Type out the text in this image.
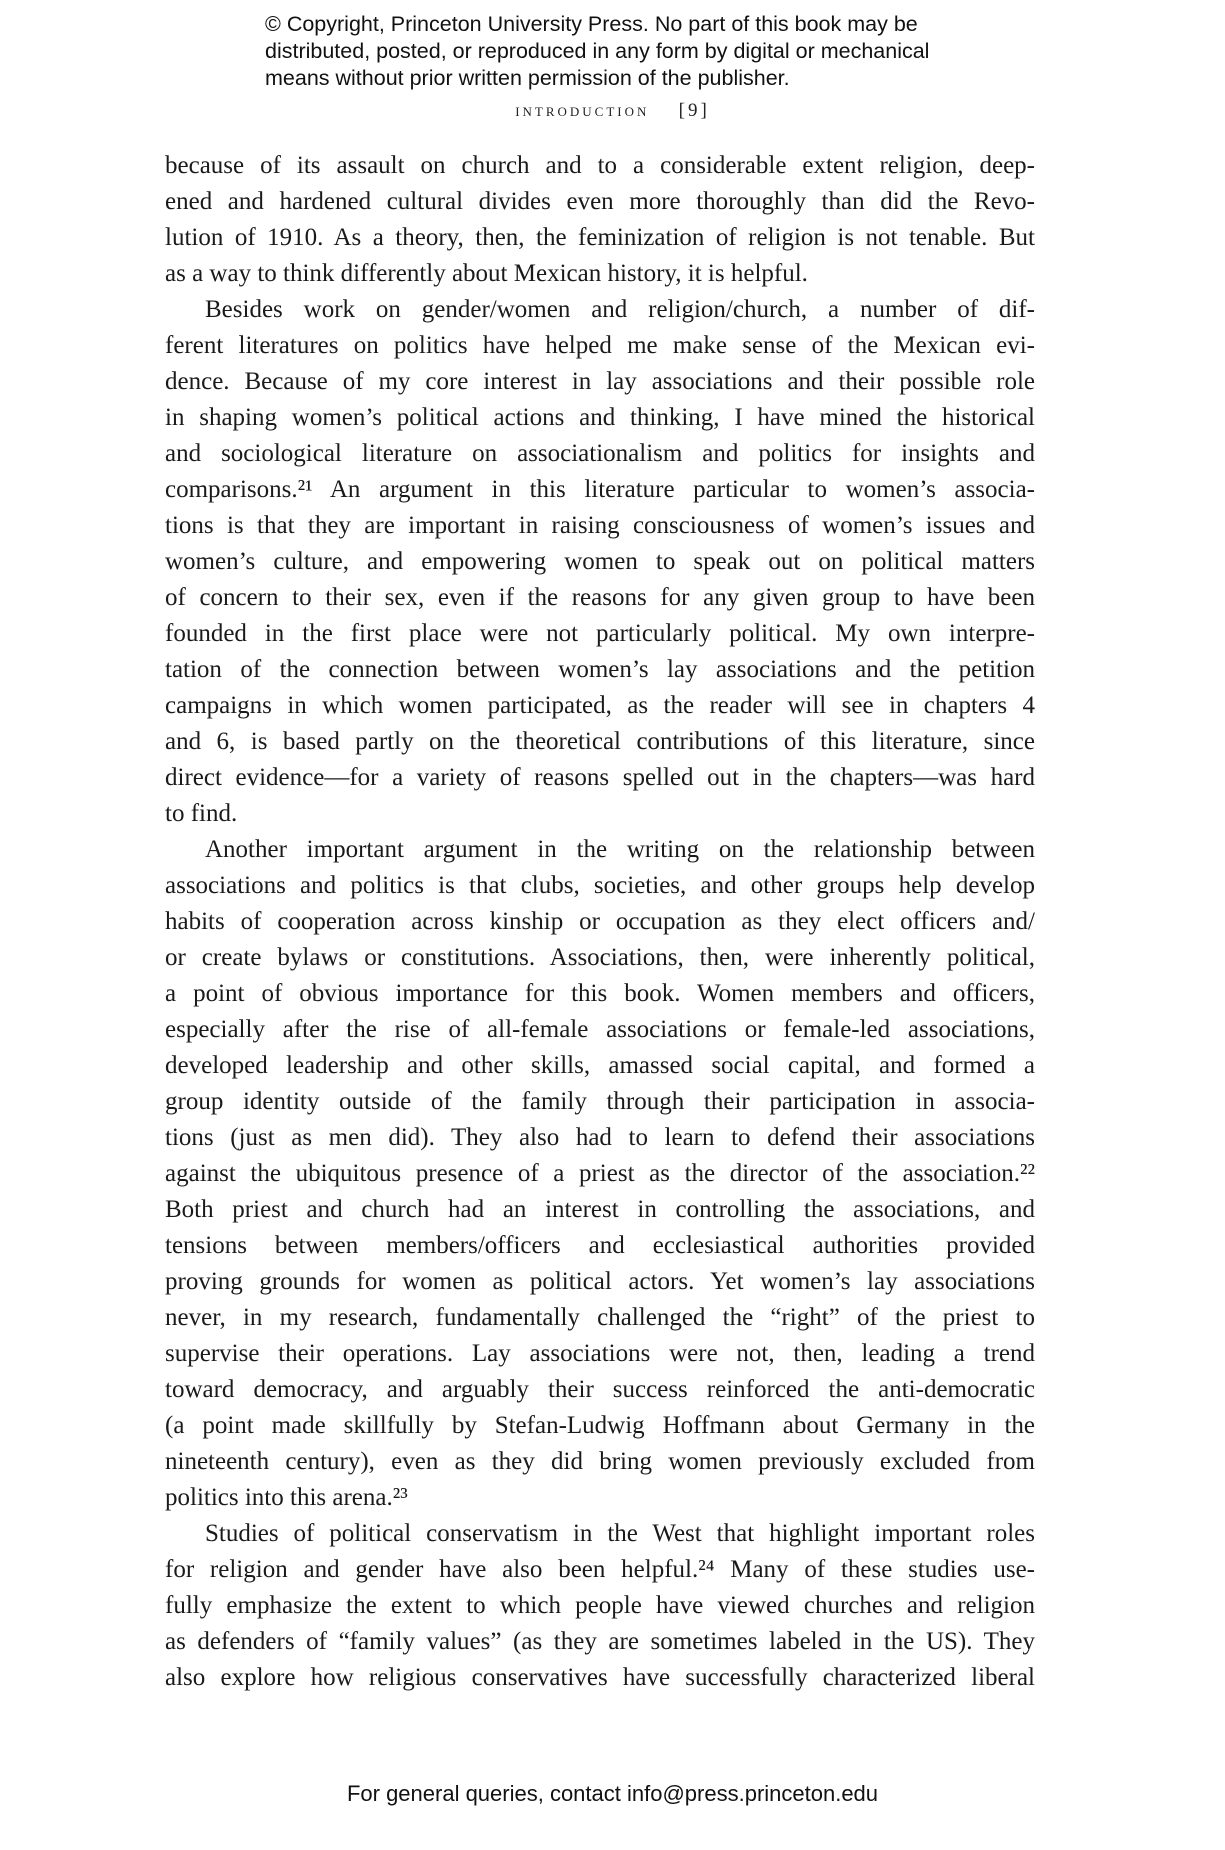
© Copyright, Princeton University Press. No part of this book may be
distributed, posted, or reproduced in any form by digital or mechanical
means without prior written permission of the publisher.
introduction [9]
because of its assault on church and to a considerable extent religion, deep-
ened and hardened cultural divides even more thoroughly than did the Revo-
lution of 1910. As a theory, then, the feminization of religion is not tenable. But
as a way to think differently about Mexican history, it is helpful.
Besides work on gender/women and religion/church, a number of dif-
ferent literatures on politics have helped me make sense of the Mexican evi-
dence. Because of my core interest in lay associations and their possible role
in shaping women’s political actions and thinking, I have mined the historical
and sociological literature on associationalism and politics for insights and
comparisons.²¹ An argument in this literature particular to women’s associa-
tions is that they are important in raising consciousness of women’s issues and
women’s culture, and empowering women to speak out on political matters
of concern to their sex, even if the reasons for any given group to have been
founded in the first place were not particularly political. My own interpre-
tation of the connection between women’s lay associations and the petition
campaigns in which women participated, as the reader will see in chapters 4
and 6, is based partly on the theoretical contributions of this literature, since
direct evidence—for a variety of reasons spelled out in the chapters—was hard
to find.
Another important argument in the writing on the relationship between
associations and politics is that clubs, societies, and other groups help develop
habits of cooperation across kinship or occupation as they elect officers and/
or create bylaws or constitutions. Associations, then, were inherently political,
a point of obvious importance for this book. Women members and officers,
especially after the rise of all-female associations or female-led associations,
developed leadership and other skills, amassed social capital, and formed a
group identity outside of the family through their participation in associa-
tions (just as men did). They also had to learn to defend their associations
against the ubiquitous presence of a priest as the director of the association.²²
Both priest and church had an interest in controlling the associations, and
tensions between members/officers and ecclesiastical authorities provided
proving grounds for women as political actors. Yet women’s lay associations
never, in my research, fundamentally challenged the “right” of the priest to
supervise their operations. Lay associations were not, then, leading a trend
toward democracy, and arguably their success reinforced the anti-democratic
(a point made skillfully by Stefan-Ludwig Hoffmann about Germany in the
nineteenth century), even as they did bring women previously excluded from
politics into this arena.²³
Studies of political conservatism in the West that highlight important roles
for religion and gender have also been helpful.²⁴ Many of these studies use-
fully emphasize the extent to which people have viewed churches and religion
as defenders of “family values” (as they are sometimes labeled in the US). They
also explore how religious conservatives have successfully characterized liberal
For general queries, contact info@press.princeton.edu
